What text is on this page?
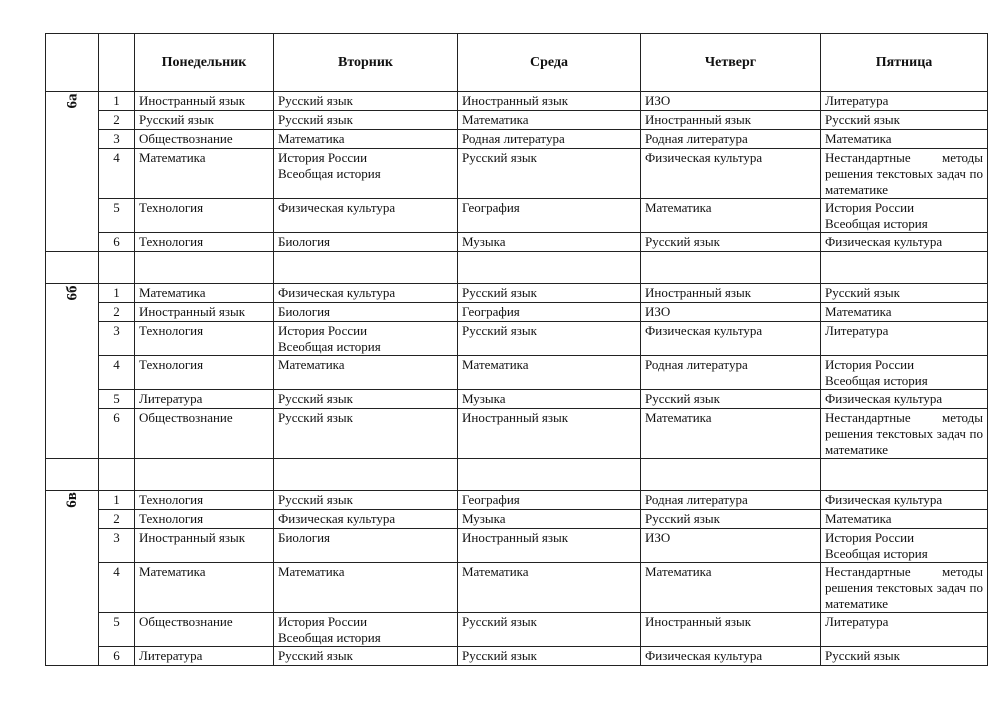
		Понедельник	Вторник	Среда	Четверг	Пятница
6а	1	Иностранный язык	Русский язык	Иностранный язык	ИЗО	Литература

	2	Русский язык	Русский язык	Математика	Иностранный язык	Русский язык

	3	Обществознание	Математика	Родная литература	Родная литература	Математика

	4	Математика	История России
Всеобщая история	Русский язык	Физическая культура	Нестандартные методы решения текстовых задач по математике

	5	Технология	Физическая культура	География	Математика	История России
Всеобщая история

	6	Технология	Биология	Музыка	Русский язык	Физическая культура

6б	1	Математика	Физическая культура	Русский язык	Иностранный язык	Русский язык

	2	Иностранный язык	Биология	География	ИЗО	Математика

	3	Технология	История России
Всеобщая история	Русский язык	Физическая культура	Литература

	4	Технология	Математика	Математика	Родная литература	История России
Всеобщая история

	5	Литература	Русский язык	Музыка	Русский язык	Физическая культура

	6	Обществознание	Русский язык	Иностранный язык	Математика	Нестандартные методы решения текстовых задач по математике

6в	1	Технология	Русский язык	География	Родная литература	Физическая культура

	2	Технология	Физическая культура	Музыка	Русский язык	Математика

	3	Иностранный язык	Биология	Иностранный язык	ИЗО	История России
Всеобщая история

	4	Математика	Математика	Математика	Математика	Нестандартные методы решения текстовых задач по математике

	5	Обществознание	История России
Всеобщая история	Русский язык	Иностранный язык	Литература

	6	Литература	Русский язык	Русский язык	Физическая культура	Русский язык
